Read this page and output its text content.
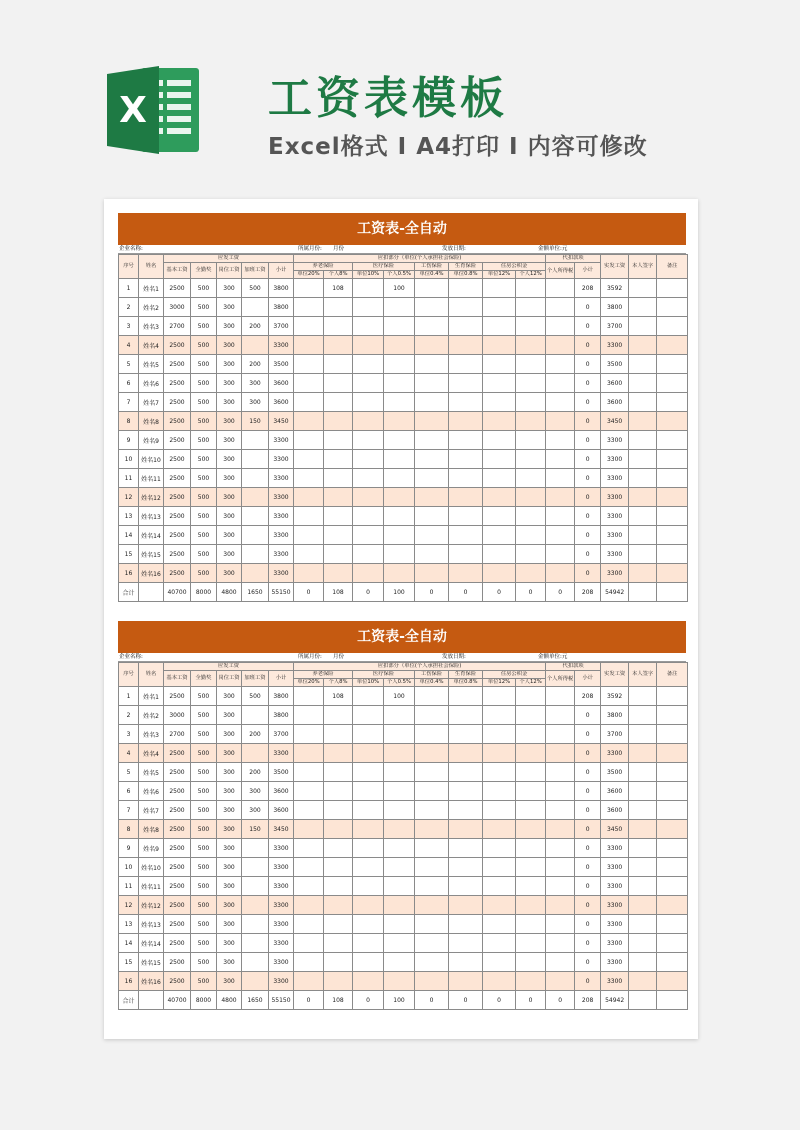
X	工资表模板
Excel格式 I A4打印 I 内容可修改
工资表-全自动
企业名称:	所属月份: 月份	发放日期:	金额单位:元
序号	姓名	应发工资					应扣部分（单位(个人承担社会保险)								代扣款项		实发工资	本人签字	备注
		基本工资	全勤奖	岗位工资	加班工资	小计	养老保险		医疗保险		工伤保险	生育保险	住房公积金		个人所得税	小计			
							单位20%	个人8%	单位10%	个人0.5%	单位0.4%	单位0.8%	单位12%	个人12%					
1	姓名1	2500	500	300	500	3800		108		100						208	3592		
2	姓名2	3000	500	300		3800										0	3800		
3	姓名3	2700	500	300	200	3700										0	3700		
4	姓名4	2500	500	300		3300										0	3300		
5	姓名5	2500	500	300	200	3500										0	3500		
6	姓名6	2500	500	300	300	3600										0	3600		
7	姓名7	2500	500	300	300	3600										0	3600		
8	姓名8	2500	500	300	150	3450										0	3450		
9	姓名9	2500	500	300		3300										0	3300		
10	姓名10	2500	500	300		3300										0	3300		
11	姓名11	2500	500	300		3300										0	3300		
12	姓名12	2500	500	300		3300										0	3300		
13	姓名13	2500	500	300		3300										0	3300		
14	姓名14	2500	500	300		3300										0	3300		
15	姓名15	2500	500	300		3300										0	3300		
16	姓名16	2500	500	300		3300										0	3300		
合计		40700	8000	4800	1650	55150	0	108	0	100	0	0	0	0	0	208	54942		
工资表-全自动
企业名称:	所属月份: 月份	发放日期:	金额单位:元
序号	姓名	应发工资					应扣部分（单位(个人承担社会保险)								代扣款项		实发工资	本人签字	备注
		基本工资	全勤奖	岗位工资	加班工资	小计	养老保险		医疗保险		工伤保险	生育保险	住房公积金		个人所得税	小计			
							单位20%	个人8%	单位10%	个人0.5%	单位0.4%	单位0.8%	单位12%	个人12%					
1	姓名1	2500	500	300	500	3800		108		100						208	3592		
2	姓名2	3000	500	300		3800										0	3800		
3	姓名3	2700	500	300	200	3700										0	3700		
4	姓名4	2500	500	300		3300										0	3300		
5	姓名5	2500	500	300	200	3500										0	3500		
6	姓名6	2500	500	300	300	3600										0	3600		
7	姓名7	2500	500	300	300	3600										0	3600		
8	姓名8	2500	500	300	150	3450										0	3450		
9	姓名9	2500	500	300		3300										0	3300		
10	姓名10	2500	500	300		3300										0	3300		
11	姓名11	2500	500	300		3300										0	3300		
12	姓名12	2500	500	300		3300										0	3300		
13	姓名13	2500	500	300		3300										0	3300		
14	姓名14	2500	500	300		3300										0	3300		
15	姓名15	2500	500	300		3300										0	3300		
16	姓名16	2500	500	300		3300										0	3300		
合计		40700	8000	4800	1650	55150	0	108	0	100	0	0	0	0	0	208	54942		
